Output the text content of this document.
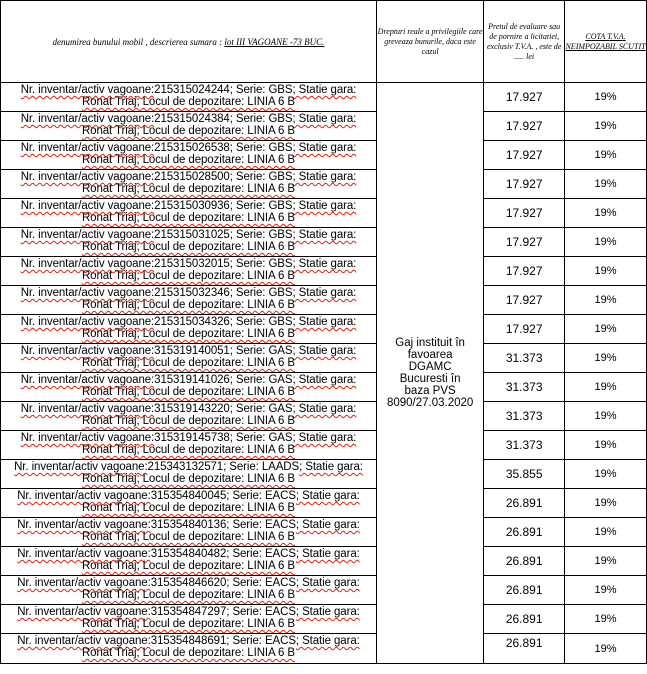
denumirea bunului mobil , descrierea sumara : lot III VAGOANE -73 BUC.	Drepturi reale a privilegiile care greveaza bunurile, daca este cazul	Pretul de evaluare sau de pornire a licitatiei, exclusiv T.V.A. , este de ..... lei	COTA T.V.A. NEIMPOZABIL SCUTIT
Nr. inventar/activ vagoane:215315024244; Serie: GBS; Statie gara:
Ronat Triaj; Locul de depozitare: LINIA 6 B	Gaj instituit în favoarea DGAMC Bucuresti în baza PVS 8090/27.03.2020	17.927	19%
Nr. inventar/activ vagoane:215315024384; Serie: GBS; Statie gara:
Ronat Triaj; Locul de depozitare: LINIA 6 B		17.927	19%
Nr. inventar/activ vagoane:215315026538; Serie: GBS; Statie gara:
Ronat Triaj; Locul de depozitare: LINIA 6 B		17.927	19%
Nr. inventar/activ vagoane:215315028500; Serie: GBS; Statie gara:
Ronat Triaj; Locul de depozitare: LINIA 6 B		17.927	19%
Nr. inventar/activ vagoane:215315030936; Serie: GBS; Statie gara:
Ronat Triaj; Locul de depozitare: LINIA 6 B		17.927	19%
Nr. inventar/activ vagoane:215315031025; Serie: GBS; Statie gara:
Ronat Triaj; Locul de depozitare: LINIA 6 B		17.927	19%
Nr. inventar/activ vagoane:215315032015; Serie: GBS; Statie gara:
Ronat Triaj; Locul de depozitare: LINIA 6 B		17.927	19%
Nr. inventar/activ vagoane:215315032346; Serie: GBS; Statie gara:
Ronat Triaj; Locul de depozitare: LINIA 6 B		17.927	19%
Nr. inventar/activ vagoane:215315034326; Serie: GBS; Statie gara:
Ronat Triaj; Locul de depozitare: LINIA 6 B		17.927	19%
Nr. inventar/activ vagoane:315319140051; Serie: GAS; Statie gara:
Ronat Triaj; Locul de depozitare: LINIA 6 B		31.373	19%
Nr. inventar/activ vagoane:315319141026; Serie: GAS; Statie gara:
Ronat Triaj; Locul de depozitare: LINIA 6 B		31.373	19%
Nr. inventar/activ vagoane:315319143220; Serie: GAS; Statie gara:
Ronat Triaj; Locul de depozitare: LINIA 6 B		31.373	19%
Nr. inventar/activ vagoane:315319145738; Serie: GAS; Statie gara:
Ronat Triaj; Locul de depozitare: LINIA 6 B		31.373	19%
Nr. inventar/activ vagoane:215343132571; Serie: LAADS; Statie gara:
Ronat Triaj; Locul de depozitare: LINIA 6 B		35.855	19%
Nr. inventar/activ vagoane:315354840045; Serie: EACS; Statie gara:
Ronat Triaj; Locul de depozitare: LINIA 6 B		26.891	19%
Nr. inventar/activ vagoane:315354840136; Serie: EACS; Statie gara:
Ronat Triaj; Locul de depozitare: LINIA 6 B		26.891	19%
Nr. inventar/activ vagoane:315354840482; Serie: EACS; Statie gara:
Ronat Triaj; Locul de depozitare: LINIA 6 B		26.891	19%
Nr. inventar/activ vagoane:315354846620; Serie: EACS; Statie gara:
Ronat Triaj; Locul de depozitare: LINIA 6 B		26.891	19%
Nr. inventar/activ vagoane:315354847297; Serie: EACS; Statie gara:
Ronat Triaj; Locul de depozitare: LINIA 6 B		26.891	19%
Nr. inventar/activ vagoane:315354848691; Serie: EACS; Statie gara:
Ronat Triaj; Locul de depozitare: LINIA 6 B		26.891	19%
